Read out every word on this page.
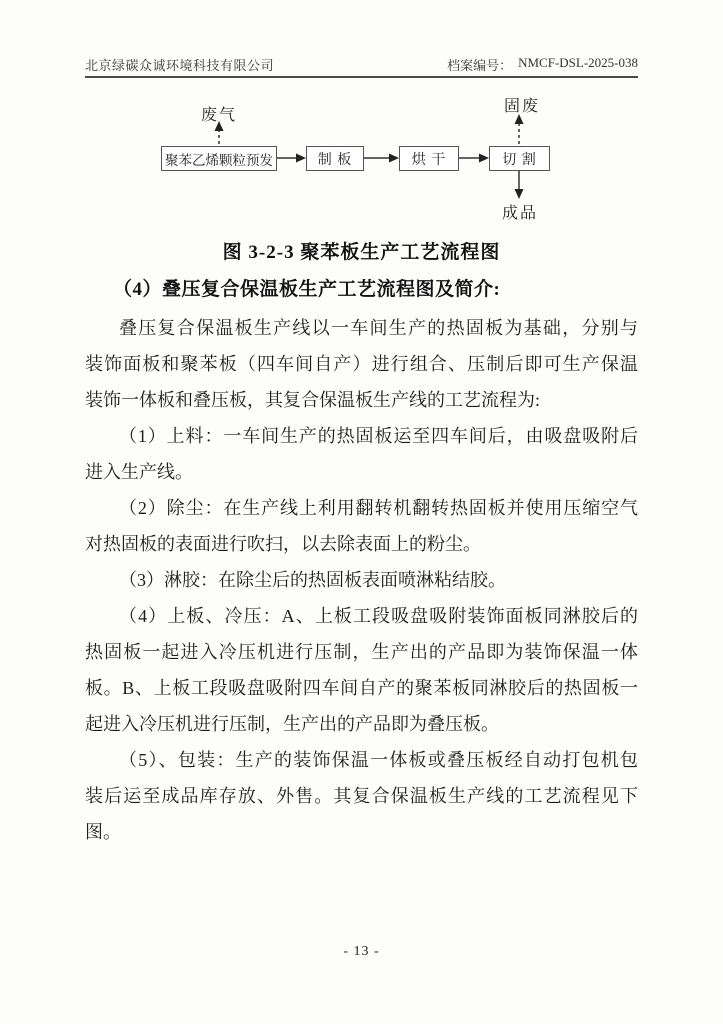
北京绿碳众诚环境科技有限公司	档案编号： NMCF-DSL-2025-038
废气
固废
成品
聚苯乙烯颗粒预发	制 板	烘 干	切 割
图 3-2-3 聚苯板生产工艺流程图
（4）叠压复合保温板生产工艺流程图及简介:
叠压复合保温板生产线以一车间生产的热固板为基础，分别与
装饰面板和聚苯板（四车间自产）进行组合、压制后即可生产保温
装饰一体板和叠压板，其复合保温板生产线的工艺流程为:
（1）上料：一车间生产的热固板运至四车间后，由吸盘吸附后
进入生产线。
（2）除尘：在生产线上利用翻转机翻转热固板并使用压缩空气
对热固板的表面进行吹扫，以去除表面上的粉尘。
（3）淋胶：在除尘后的热固板表面喷淋粘结胶。
（4）上板、冷压：A、上板工段吸盘吸附装饰面板同淋胶后的
热固板一起进入冷压机进行压制，生产出的产品即为装饰保温一体
板。B、上板工段吸盘吸附四车间自产的聚苯板同淋胶后的热固板一
起进入冷压机进行压制，生产出的产品即为叠压板。
（5）、包装：生产的装饰保温一体板或叠压板经自动打包机包
装后运至成品库存放、外售。其复合保温板生产线的工艺流程见下
图。
- 13 -
